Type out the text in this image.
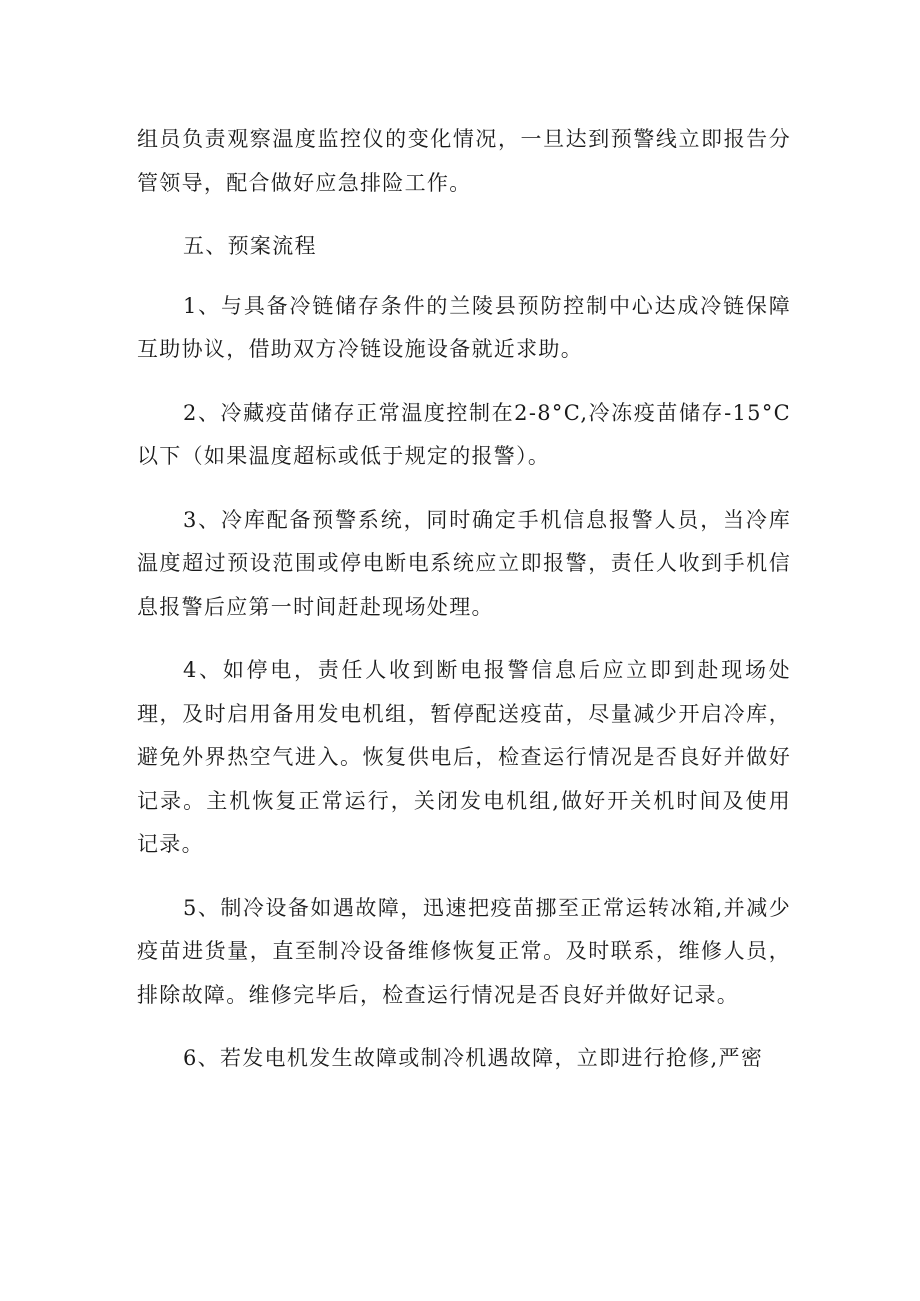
组员负责观察温度监控仪的变化情况，一旦达到预警线立即报告分管领导，配合做好应急排险工作。

五、预案流程

1、与具备冷链储存条件的兰陵县预防控制中心达成冷链保障互助协议，借助双方冷链设施设备就近求助。

2、冷藏疫苗储存正常温度控制在2-8°C,冷冻疫苗储存-15°C以下（如果温度超标或低于规定的报警）。

3、冷库配备预警系统，同时确定手机信息报警人员，当冷库温度超过预设范围或停电断电系统应立即报警，责任人收到手机信息报警后应第一时间赶赴现场处理。

4、如停电，责任人收到断电报警信息后应立即到赴现场处理，及时启用备用发电机组，暂停配送疫苗，尽量减少开启冷库，避免外界热空气进入。恢复供电后，检查运行情况是否良好并做好记录。主机恢复正常运行，关闭发电机组,做好开关机时间及使用记录。

5、制冷设备如遇故障，迅速把疫苗挪至正常运转冰箱,并减少疫苗进货量，直至制冷设备维修恢复正常。及时联系，维修人员，排除故障。维修完毕后，检查运行情况是否良好并做好记录。

6、若发电机发生故障或制冷机遇故障，立即进行抢修,严密
